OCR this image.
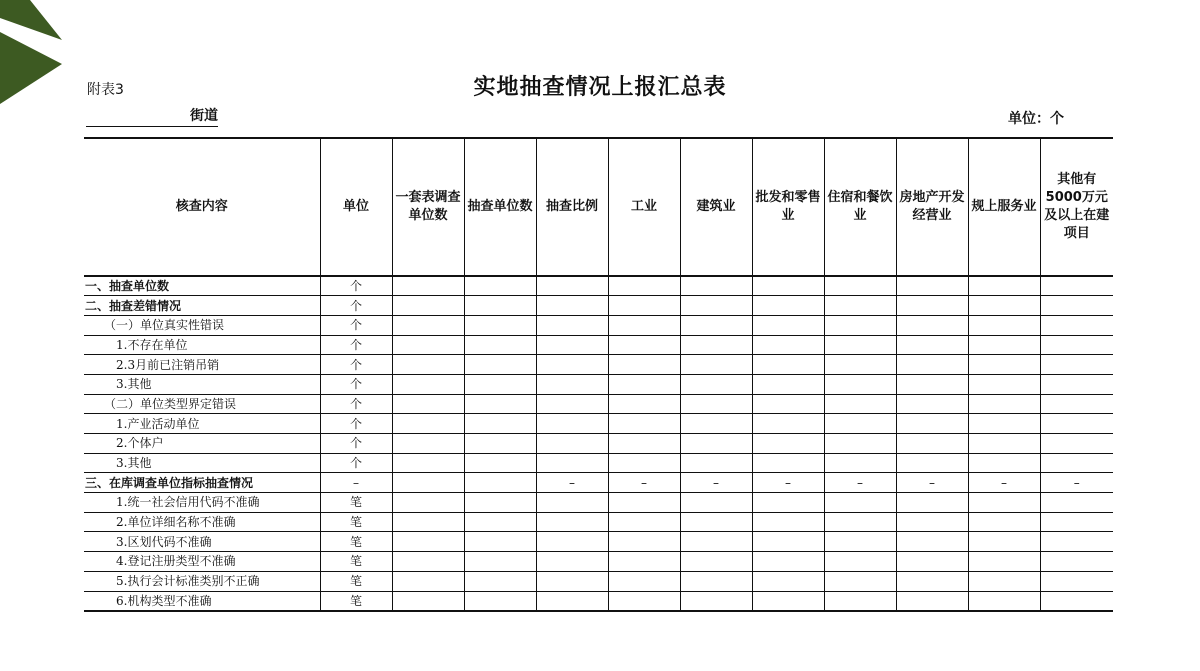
附表3	实地抽查情况上报汇总表
街道	单位：个
核查内容	单位	一套表调查单位数	抽查单位数	抽查比例	工业	建筑业	批发和零售业	住宿和餐饮业	房地产开发经营业	规上服务业	其他有5000万元及以上在建项目
一、抽查单位数	个										
二、抽查差错情况	个										
（一）单位真实性错误	个										
1.不存在单位	个										
2.3月前已注销吊销	个										
3.其他	个										
（二）单位类型界定错误	个										
1.产业活动单位	个										
2.个体户	个										
3.其他	个										
三、在库调查单位指标抽查情况	–			–	–	–	–	–	–	–	–
1.统一社会信用代码不准确	笔										
2.单位详细名称不准确	笔										
3.区划代码不准确	笔										
4.登记注册类型不准确	笔										
5.执行会计标准类别不正确	笔										
6.机构类型不准确	笔										
